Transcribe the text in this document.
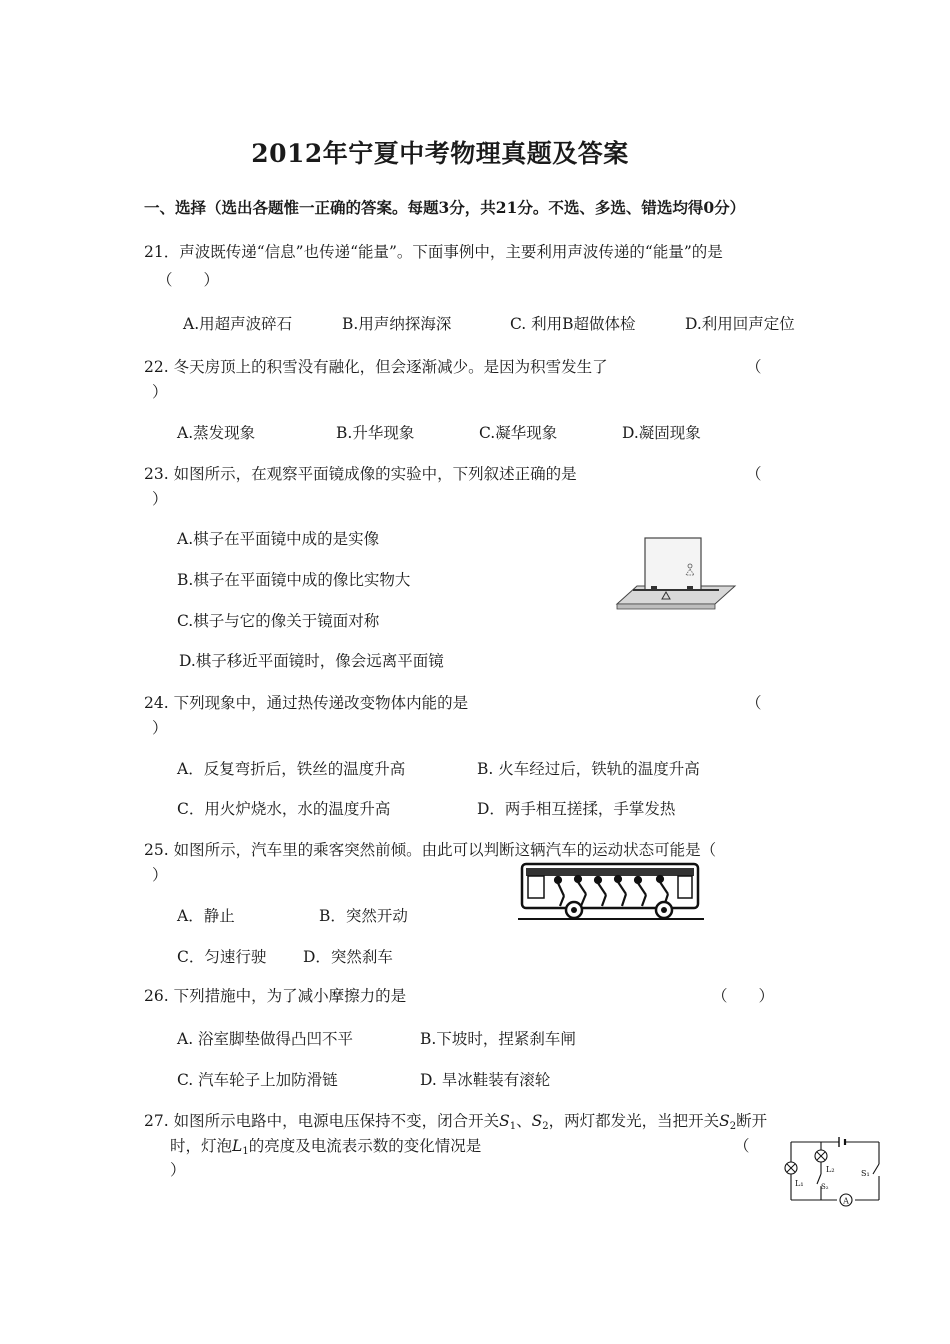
2012年宁夏中考物理真题及答案
一、选择（选出各题惟一正确的答案。每题3分，共21分。不选、多选、错选均得0分）
21．声波既传递“信息”也传递“能量”。下面事例中，主要利用声波传递的“能量”的是
（　　）
A.用超声波碎石	B.用声纳探海深	C. 利用B超做体检	D.利用回声定位
22. 冬天房顶上的积雪没有融化，但会逐渐减少。是因为积雪发生了	（
）
A.蒸发现象	B.升华现象	C.凝华现象	D.凝固现象
23. 如图所示，在观察平面镜成像的实验中，下列叙述正确的是	（
）
A.棋子在平面镜中成的是实像
B.棋子在平面镜中成的像比实物大
C.棋子与它的像关于镜面对称
D.棋子移近平面镜时，像会远离平面镜
24. 下列现象中，通过热传递改变物体内能的是	（
）
A．反复弯折后，铁丝的温度升高	B. 火车经过后，铁轨的温度升高
C．用火炉烧水，水的温度升高	D．两手相互搓揉，手掌发热
25. 如图所示，汽车里的乘客突然前倾。由此可以判断这辆汽车的运动状态可能是（
）
A．静止	B．突然开动
C．匀速行驶 D．突然刹车
26. 下列措施中，为了减小摩擦力的是	（　　）
A. 浴室脚垫做得凸凹不平	B.下坡时，捏紧刹车闸
C. 汽车轮子上加防滑链	D. 旱冰鞋装有滚轮
27. 如图所示电路中，电源电压保持不变，闭合开关$S_1$、$S_2$，两灯都发光，当把开关$S_2$断开
时，灯泡$L_1$的亮度及电流表示数的变化情况是	（
）
A
L₁
L₂
S₂
S₁
